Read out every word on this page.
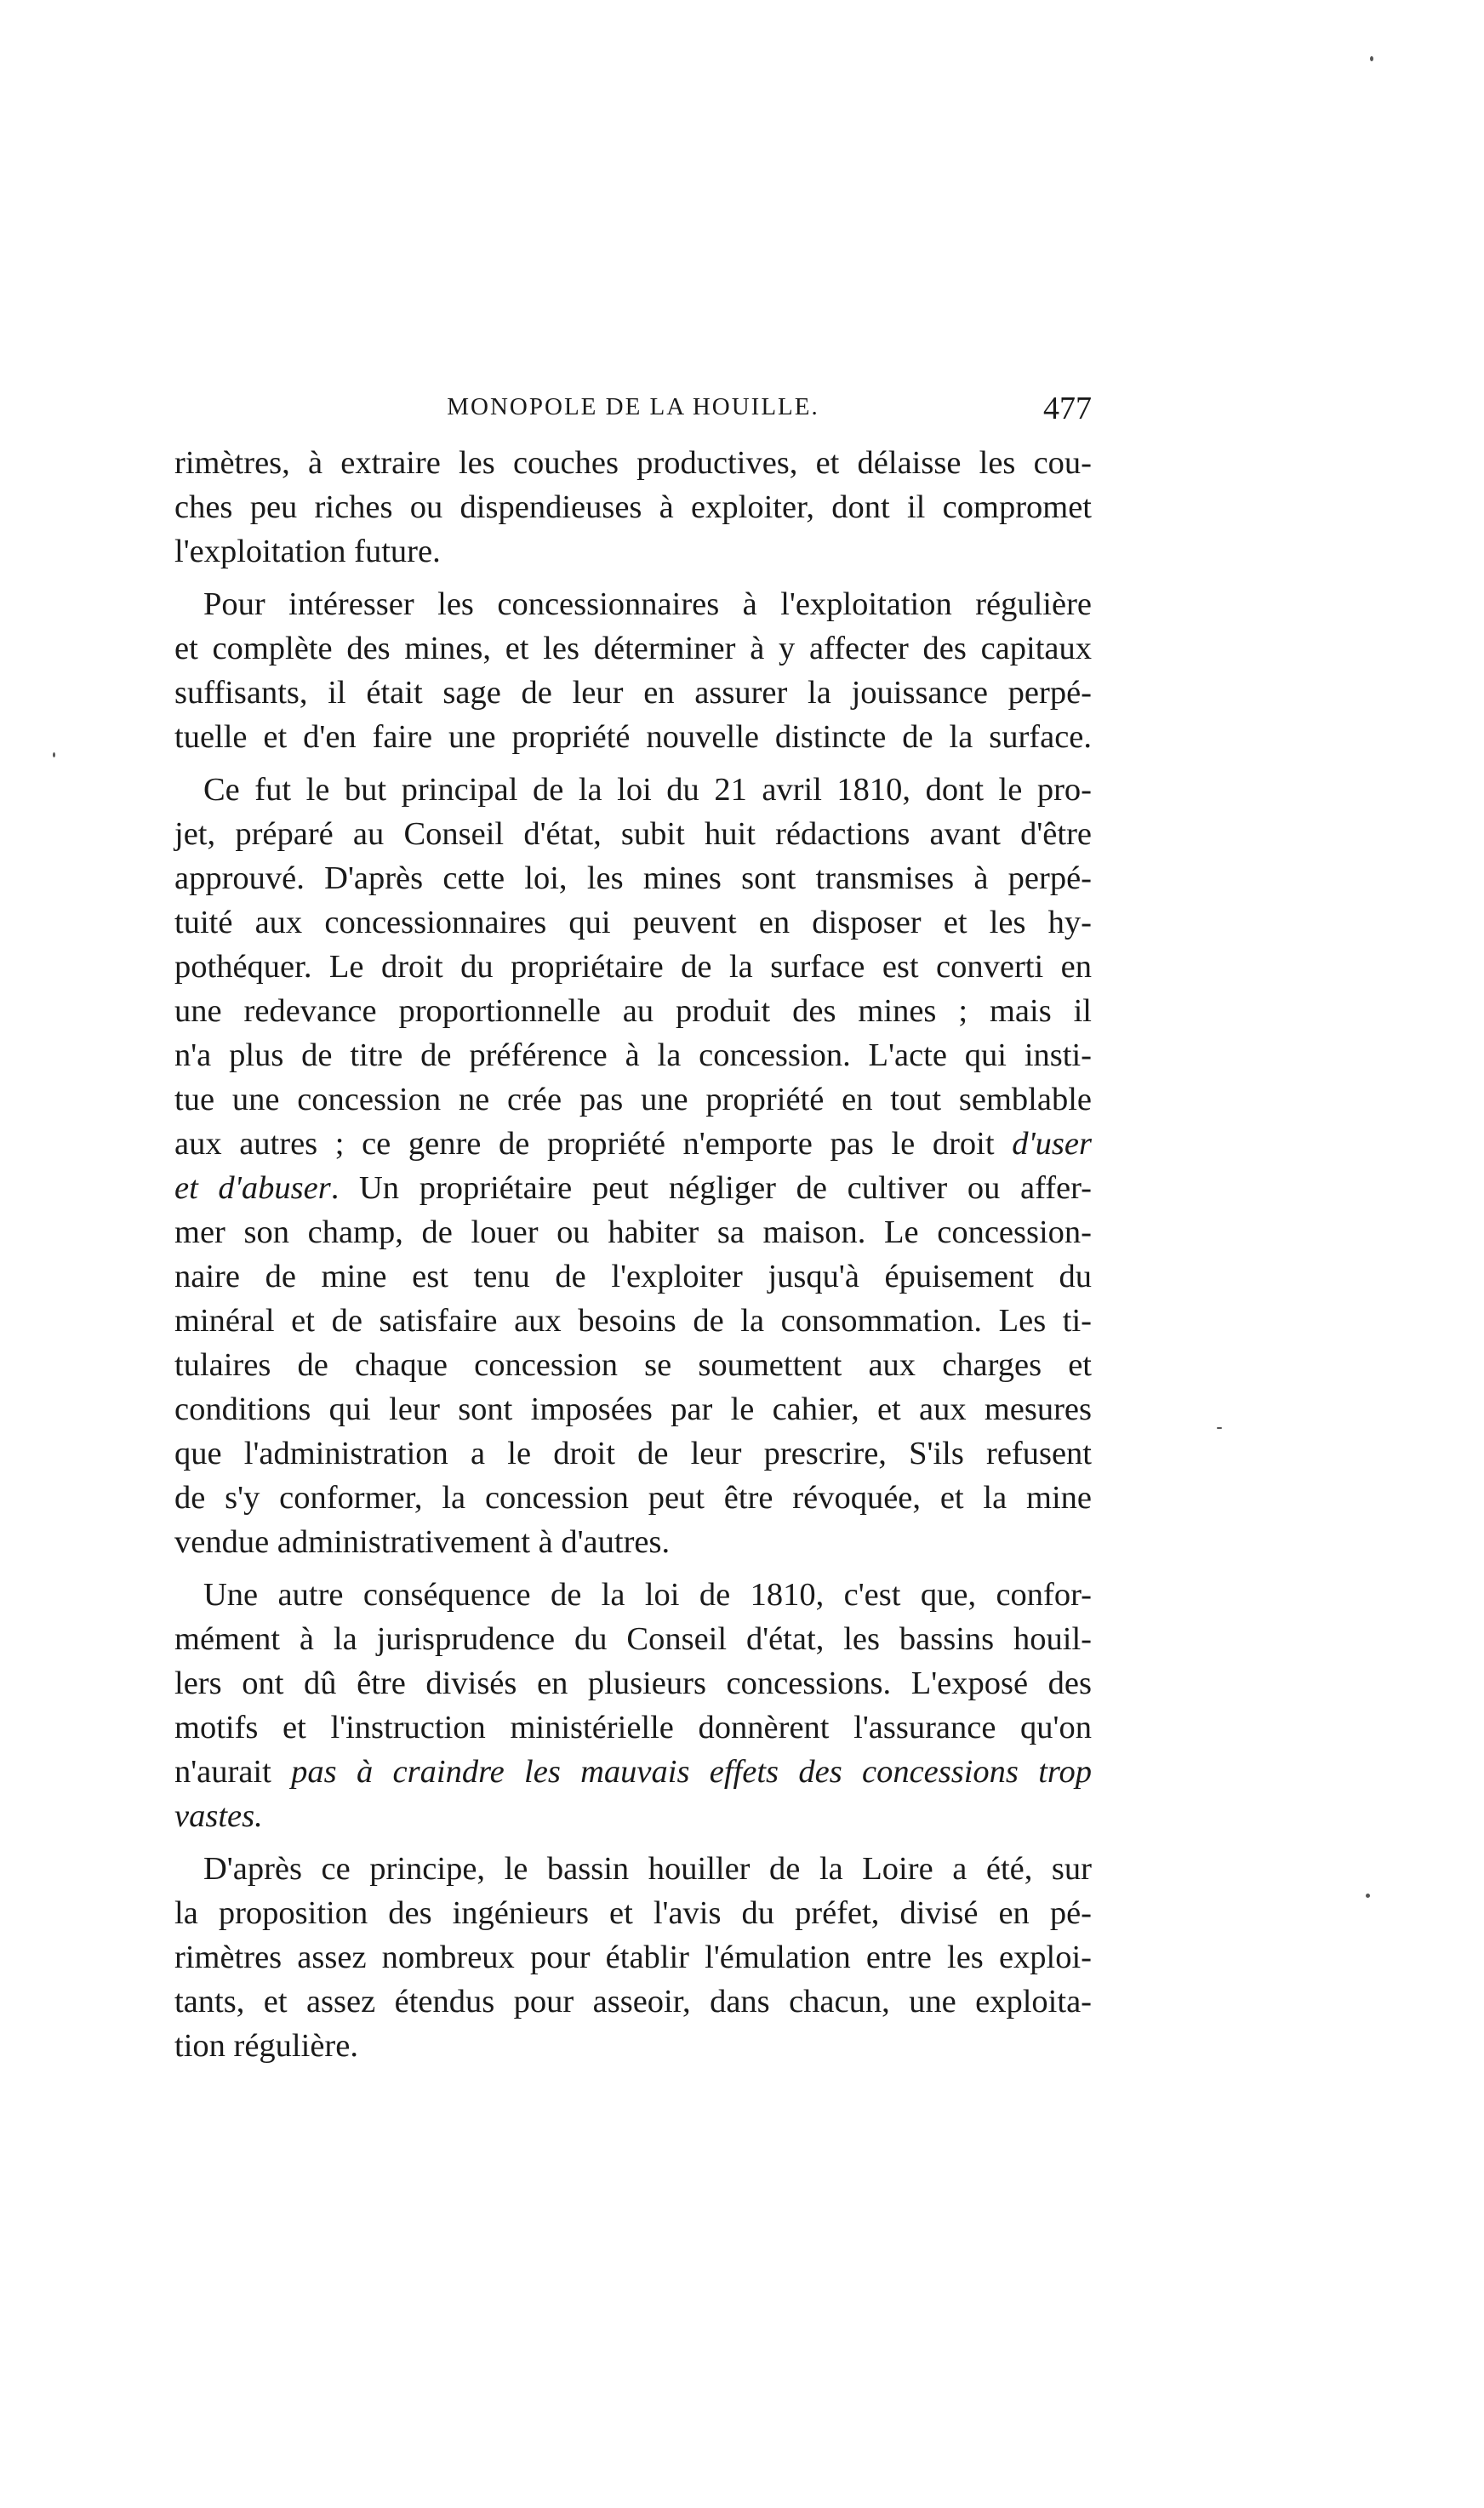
MONOPOLE DE LA HOUILLE.	477
rimètres, à extraire les couches productives, et délaisse les cou-
ches peu riches ou dispendieuses à exploiter, dont il compromet
l'exploitation future.
Pour intéresser les concessionnaires à l'exploitation régulière
et complète des mines, et les déterminer à y affecter des capitaux
suffisants, il était sage de leur en assurer la jouissance perpé-
tuelle et d'en faire une propriété nouvelle distincte de la surface.
Ce fut le but principal de la loi du 21 avril 1810, dont le pro-
jet, préparé au Conseil d'état, subit huit rédactions avant d'être
approuvé. D'après cette loi, les mines sont transmises à perpé-
tuité aux concessionnaires qui peuvent en disposer et les hy-
pothéquer. Le droit du propriétaire de la surface est converti en
une redevance proportionnelle au produit des mines ; mais il
n'a plus de titre de préférence à la concession. L'acte qui insti-
tue une concession ne crée pas une propriété en tout semblable
aux autres ; ce genre de propriété n'emporte pas le droit d'user
et d'abuser. Un propriétaire peut négliger de cultiver ou affer-
mer son champ, de louer ou habiter sa maison. Le concession-
naire de mine est tenu de l'exploiter jusqu'à épuisement du
minéral et de satisfaire aux besoins de la consommation. Les ti-
tulaires de chaque concession se soumettent aux charges et
conditions qui leur sont imposées par le cahier, et aux mesures
que l'administration a le droit de leur prescrire, S'ils refusent
de s'y conformer, la concession peut être révoquée, et la mine
vendue administrativement à d'autres.
Une autre conséquence de la loi de 1810, c'est que, confor-
mément à la jurisprudence du Conseil d'état, les bassins houil-
lers ont dû être divisés en plusieurs concessions. L'exposé des
motifs et l'instruction ministérielle donnèrent l'assurance qu'on
n'aurait pas à craindre les mauvais effets des concessions trop
vastes.
D'après ce principe, le bassin houiller de la Loire a été, sur
la proposition des ingénieurs et l'avis du préfet, divisé en pé-
rimètres assez nombreux pour établir l'émulation entre les exploi-
tants, et assez étendus pour asseoir, dans chacun, une exploita-
tion régulière.
